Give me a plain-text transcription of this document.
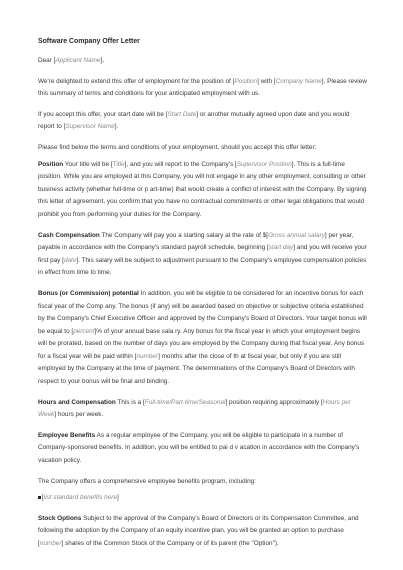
Software Company Offer Letter

Dear [Applicant Name],

We're delighted to extend this offer of employment for the position of [Position] with [Company Name]. Please review this summary of terms and conditions for your anticipated employment with us.

If you accept this offer, your start date will be [Start Date] or another mutually agreed upon date and you would report to [Supervisor Name].

Please find below the terms and conditions of your employment, should you accept this offer letter:

Position Your title will be [Title], and you will report to the Company's [Supervisor Position]. This is a full-time position. While you are employed at this Company, you will not engage in any other employment, consulting or other business activity (whether full-time or p art-time) that would create a conflict of interest with the Company. By signing this letter of agreement, you confirm that you have no contractual commitments or other legal obligations that would prohibit you from performing your duties for the Company.

Cash Compensation The Company will pay you a starting salary at the rate of $[Gross annual salary] per year, payable in accordance with the Company's standard payroll schedule, beginning [start day] and you will receive your first pay [date]. This salary will be subject to adjustment pursuant to the Company's employee compensation policies in effect from time to time.

Bonus (or Commission) potential In addition, you will be eligible to be considered for an incentive bonus for each fiscal year of the Comp any. The bonus (if any) will be awarded based on objective or subjective criteria established by the Company's Chief Executive Officer and approved by the Company's Board of Directors. Your target bonus will be equal to [percent]% of your annual base sala ry. Any bonus for the fiscal year in which your employment begins will be prorated, based on the number of days you are employed by the Company during that fiscal year. Any bonus for a fiscal year will be paid within [number] months after the close of th at fiscal year, but only if you are still employed by the Company at the time of payment. The determinations of the Company's Board of Directors with respect to your bonus will be final and binding.

Hours and Compensation This is a [Full-time/Part-time/Seasonal] position requiring approximately [Hours per Week] hours per week.

Employee Benefits As a regular employee of the Company, you will be eligible to participate in a number of Company-sponsored benefits. In addition, you will be entitled to pai d v acation in accordance with the Company's vacation policy.

The Company offers a comprehensive employee benefits program, including:

[list standard benefits here]

Stock Options Subject to the approval of the Company's Board of Directors or its Compensation Committee, and following the adoption by the Company of an equity incentive plan, you will be granted an option to purchase [number] shares of the Common Stock of the Company or of its parent (the "Option").
